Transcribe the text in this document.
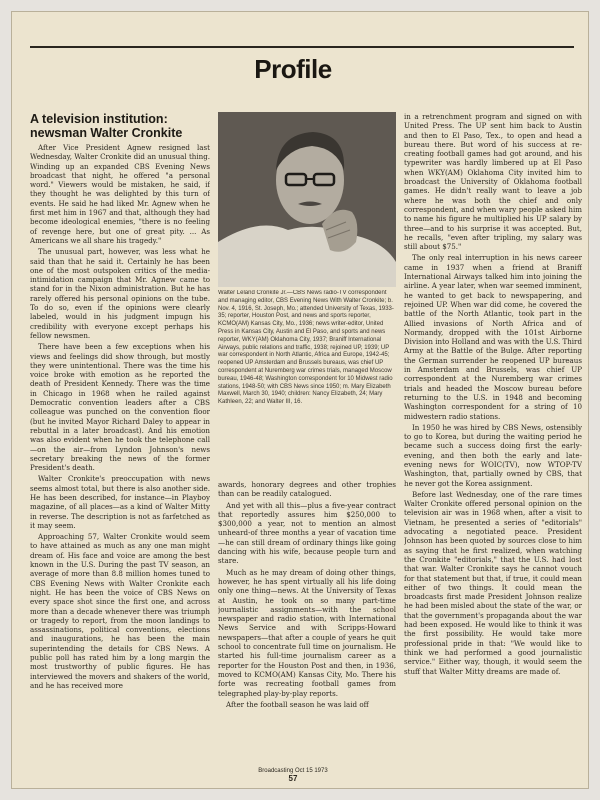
Profile
A television institution: newsman Walter Cronkite

After Vice President Agnew resigned last Wednesday, Walter Cronkite did an unusual thing. Winding up an expanded CBS Evening News broadcast that night, he offered "a personal word." Viewers would be mistaken, he said, if they thought he was delighted by this turn of events. He said he had liked Mr. Agnew when he first met him in 1967 and that, although they had become ideological enemies, "there is no feeling of revenge here, but one of great pity. ... As Americans we all share his tragedy."

The unusual part, however, was less what he said than that he said it. Certainly he has been one of the most outspoken critics of the media-intimidation campaign that Mr. Agnew came to stand for in the Nixon administration. But he has rarely offered his personal opinions on the tube. To do so, even if the opinions were clearly labeled, would in his judgment impugn his credibility with everyone except perhaps his fellow newsmen.

There have been a few exceptions when his views and feelings did show through, but mostly they were unintentional. There was the time his voice broke with emotion as he reported the death of President Kennedy. There was the time in Chicago in 1968 when he railed against Democratic convention leaders after a CBS colleague was punched on the convention floor (but he invited Mayor Richard Daley to appear in rebuttal in a later broadcast). And his emotion was also evident when he took the telephone call—on the air—from Lyndon Johnson's news secretary breaking the news of the former President's death.

Walter Cronkite's preoccupation with news seems almost total, but there is also another side. He has been described, for instance—in Playboy magazine, of all places—as a kind of Walter Mitty in reverse. The description is not as farfetched as it may seem.

Approaching 57, Walter Cronkite would seem to have attained as much as any one man might dream of. His face and voice are among the best known in the U.S. During the past TV season, an average of more than 8.8 million homes tuned to CBS Evening News with Walter Cronkite each night. He has been the voice of CBS News on every space shot since the first one, and across more than a decade whenever there was triumph or tragedy to report, from the moon landings to assassinations, political conventions, elections and inaugurations, he has been the main superintending the details for CBS News. A public poll has rated him by a long margin the most trustworthy of public figures. He has interviewed the movers and shakers of the world, and he has received more

Walter Leland Cronkite Jr.—CBS News radio-TV correspondent and managing editor, CBS Evening News With Walter Cronkite; b. Nov. 4, 1916, St. Joseph, Mo.; attended University of Texas, 1933-35; reporter, Houston Post, and news and sports reporter, KCMO(AM) Kansas City, Mo., 1936; news writer-editor, United Press in Kansas City, Austin and El Paso, and sports and news reporter, WKY(AM) Oklahoma City, 1937; Braniff International Airways, public relations and traffic, 1938; rejoined UP, 1939; UP war correspondent in North Atlantic, Africa and Europe, 1942-45; reopened UP Amsterdam and Brussels bureaus, was chief UP correspondent at Nuremberg war crimes trials, managed Moscow bureau, 1946-48; Washington correspondent for 10 Midwest radio stations, 1948-50; with CBS News since 1950; m. Mary Elizabeth Maxwell, March 30, 1940; children: Nancy Elizabeth, 24; Mary Kathleen, 22; and Walter III, 16.

awards, honorary degrees and other trophies than can be readily catalogued.

And yet with all this—plus a five-year contract that reportedly assures him $250,000 to $300,000 a year, not to mention an almost unheard-of three months a year of vacation time—he can still dream of ordinary things like going dancing with his wife, because people turn and stare.

Much as he may dream of doing other things, however, he has spent virtually all his life doing only one thing—news. At the University of Texas at Austin, he took on so many part-time journalistic assignments—with the school newspaper and radio station, with International News Service and with Scripps-Howard newspapers—that after a couple of years he quit school to concentrate full time on journalism. He started his full-time journalism career as a reporter for the Houston Post and then, in 1936, moved to KCMO(AM) Kansas City, Mo. There his forte was recreating football games from telegraphed play-by-play reports.

After the football season he was laid off

in a retrenchment program and signed on with United Press. The UP sent him back to Austin and then to El Paso, Tex., to open and head a bureau there. But word of his success at re-creating football games had got around, and his typewriter was hardly limbered up at El Paso when WKY(AM) Oklahoma City invited him to broadcast the University of Oklahoma football games. He didn't really want to leave a job where he was both the chief and only correspondent, and when wary people asked him to name his figure he multiplied his UP salary by three—and to his surprise it was accepted. But, he recalls, "even after tripling, my salary was still about $75."

The only real interruption in his news career came in 1937 when a friend at Braniff International Airways talked him into joining the airline. A year later, when war seemed imminent, he wanted to get back to newspapering, and rejoined UP. When war did come, he covered the battle of the North Atlantic, took part in the Allied invasions of North Africa and of Normandy, dropped with the 101st Airborne Division into Holland and was with the U.S. Third Army at the Battle of the Bulge. After reporting the German surrender he reopened UP bureaus in Amsterdam and Brussels, was chief UP correspondent at the Nuremberg war crimes trials and headed the Moscow bureau before returning to the U.S. in 1948 and becoming Washington correspondent for a string of 10 midwestern radio stations.

In 1950 he was hired by CBS News, ostensibly to go to Korea, but during the waiting period he became such a success doing first the early-evening, and then both the early and late-evening news for WOIC(TV), now WTOP-TV Washington, that, partially owned by CBS, that he never got the Korea assignment.

Before last Wednesday, one of the rare times Walter Cronkite offered personal opinion on the television air was in 1968 when, after a visit to Vietnam, he presented a series of "editorials" advocating a negotiated peace. President Johnson has been quoted by sources close to him as saying that he first realized, when watching the Cronkite "editorials," that the U.S. had lost that war. Walter Cronkite says he cannot vouch for that statement but that, if true, it could mean either of two things. It could mean the broadcasts first made President Johnson realize he had been misled about the state of the war, or that the government's propaganda about the war had been exposed. He would like to think it was the first possibility. He would take more professional pride in that: "We would like to think we had performed a good journalistic service." Either way, though, it would seem the stuff that Walter Mitty dreams are made of.

Broadcasting Oct 15 1973
57
